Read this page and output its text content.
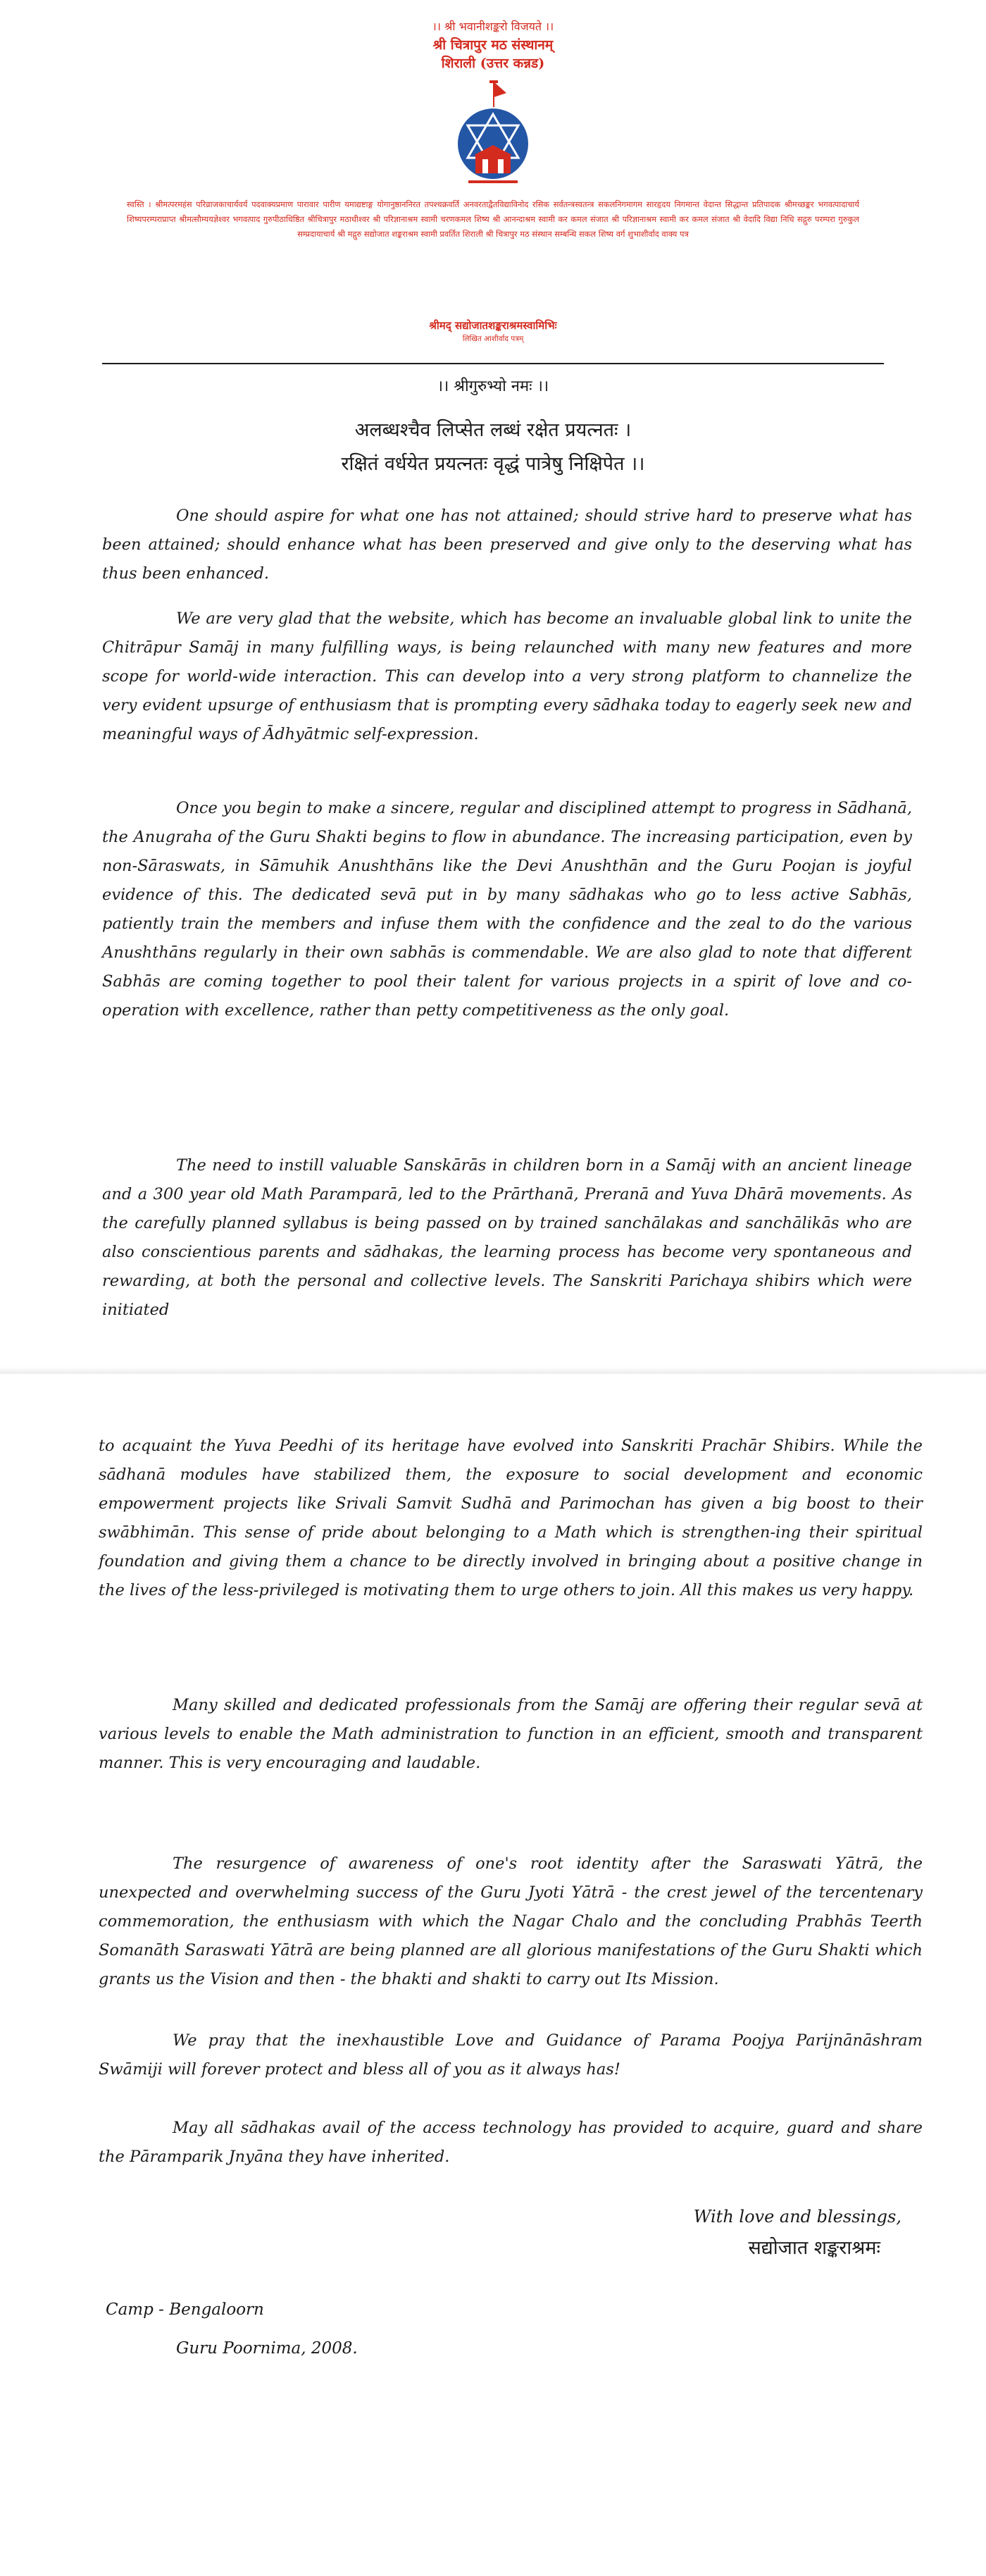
।। श्री भवानीशङ्करो विजयते ।।
श्री चित्रापुर मठ संस्थानम्
शिराली (उत्तर कन्नड)
स्वस्ति । श्रीमत्परमहंस परिव्राजकाचार्यवर्य पदवाक्यप्रमाण पारावार पारीण यमाद्यष्टाङ्ग योगानुष्ठाननिरत तपश्चक्रवर्ति अनवरताद्वैतविद्याविनोद रसिक सर्वतन्त्रस्वतन्त्र सकलनिगमागम सारहृदय निगमान्त वेदान्त सिद्धान्त प्रतिपादक श्रीमच्छङ्कर भगवत्पादाचार्य शिष्यपरम्पराप्राप्त श्रीमत्सौम्ययज्ञेश्वर भगवत्पाद गुरुपीठाधिष्ठित श्रीचित्रापुर मठाधीश्वर श्री परिज्ञानाश्रम स्वामी चरणकमल शिष्य श्री आनन्दाश्रम स्वामी कर कमल संजात श्री परिज्ञानाश्रम स्वामी कर कमल संजात श्री वेदादि विद्या निधि सद्गुरु परम्परा गुरुकुल सम्प्रदायाचार्य श्री मद्गुरु सद्योजात शङ्कराश्रम स्वामी प्रवर्तित शिराली श्री चित्रापुर मठ संस्थान सम्बन्धि सकल शिष्य वर्ग शुभाशीर्वाद वाक्य पत्र
श्रीमद् सद्योजातशङ्कराश्रमस्वामिभिः
लिखित आशीर्वाद पत्रम्
।। श्रीगुरुभ्यो नमः ।।
अलब्धश्चैव लिप्सेत लब्धं रक्षेत प्रयत्नतः ।
रक्षितं वर्धयेत प्रयत्नतः वृद्धं पात्रेषु निक्षिपेत ।।
One should aspire for what one has not attained; should strive hard to preserve what has been attained; should enhance what has been preserved and give only to the deserving what has thus been enhanced.
We are very glad that the website, which has become an invaluable global link to unite the Chitrāpur Samāj in many fulfilling ways, is being relaunched with many new features and more scope for world-wide interaction. This can develop into a very strong platform to channelize the very evident upsurge of enthusiasm that is prompting every sādhaka today to eagerly seek new and meaningful ways of Ādhyātmic self-expression.
Once you begin to make a sincere, regular and disciplined attempt to progress in Sādhanā, the Anugraha of the Guru Shakti begins to flow in abundance. The increasing participation, even by non-Sāraswats, in Sāmuhik Anushthāns like the Devi Anushthān and the Guru Poojan is joyful evidence of this. The dedicated sevā put in by many sādhakas who go to less active Sabhās, patiently train the members and infuse them with the confidence and the zeal to do the various Anushthāns regularly in their own sabhās is commendable. We are also glad to note that different Sabhās are coming together to pool their talent for various projects in a spirit of love and co-operation with excellence, rather than petty competitiveness as the only goal.
The need to instill valuable Sanskārās in children born in a Samāj with an ancient lineage and a 300 year old Math Paramparā, led to the Prārthanā, Preranā and Yuva Dhārā movements. As the carefully planned syllabus is being passed on by trained sanchālakas and sanchālikās who are also conscientious parents and sādhakas, the learning process has become very spontaneous and rewarding, at both the personal and collective levels. The Sanskriti Parichaya shibirs which were initiated
to acquaint the Yuva Peedhi of its heritage have evolved into Sanskriti Prachār Shibirs. While the sādhanā modules have stabilized them, the exposure to social development and economic empowerment projects like Srivali Samvit Sudhā and Parimochan has given a big boost to their swābhimān. This sense of pride about belonging to a Math which is strengthen-ing their spiritual foundation and giving them a chance to be directly involved in bringing about a positive change in the lives of the less-privileged is motivating them to urge others to join. All this makes us very happy.
Many skilled and dedicated professionals from the Samāj are offering their regular sevā at various levels to enable the Math administration to function in an efficient, smooth and transparent manner. This is very encouraging and laudable.
The resurgence of awareness of one's root identity after the Saraswati Yātrā, the unexpected and overwhelming success of the Guru Jyoti Yātrā - the crest jewel of the tercentenary commemoration, the enthusiasm with which the Nagar Chalo and the concluding Prabhās Teerth Somanāth Saraswati Yātrā are being planned are all glorious manifestations of the Guru Shakti which grants us the Vision and then - the bhakti and shakti to carry out Its Mission.
We pray that the inexhaustible Love and Guidance of Parama Poojya Parijnānāshram Swāmiji will forever protect and bless all of you as it always has!
May all sādhakas avail of the access technology has provided to acquire, guard and share the Pāramparik Jnyāna they have inherited.
With love and blessings,
सद्योजात शङ्कराश्रमः
Camp - Bengaloorn
Guru Poornima, 2008.
